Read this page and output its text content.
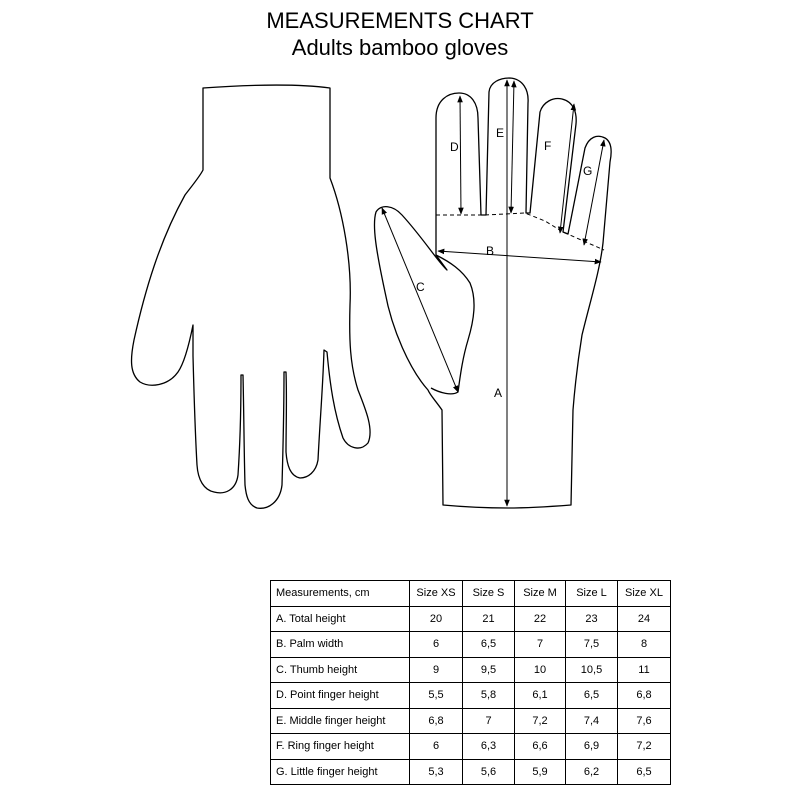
MEASUREMENTS CHART
Adults bamboo gloves
D
E
F
G
B
C
A
Measurements, cm	Size XS	Size S	Size M	Size L	Size XL
A. Total height	20	21	22	23	24
B. Palm width	6	6,5	7	7,5	8
C. Thumb height	9	9,5	10	10,5	11
D. Point finger height	5,5	5,8	6,1	6,5	6,8
E. Middle finger height	6,8	7	7,2	7,4	7,6
F. Ring finger height	6	6,3	6,6	6,9	7,2
G. Little finger height	5,3	5,6	5,9	6,2	6,5
